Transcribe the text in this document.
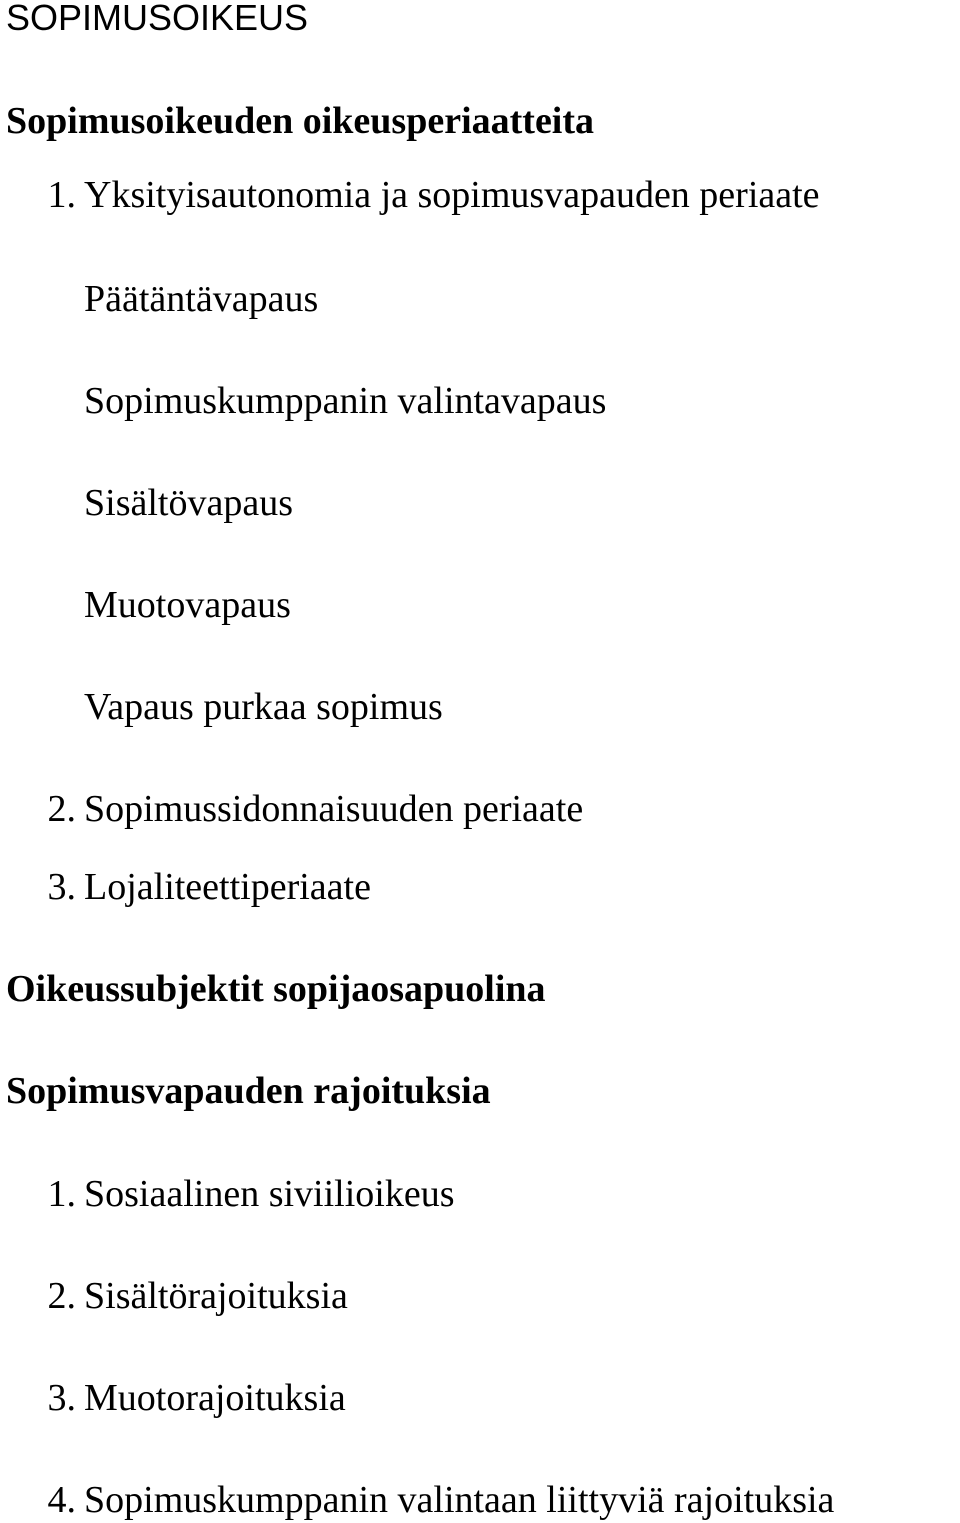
SOPIMUSOIKEUS
Sopimusoikeuden oikeusperiaatteita
1. Yksityisautonomia ja sopimusvapauden periaate
Päätäntävapaus
Sopimuskumppanin valintavapaus
Sisältövapaus
Muotovapaus
Vapaus purkaa sopimus
2. Sopimussidonnaisuuden periaate
3. Lojaliteettiperiaate
Oikeussubjektit sopijaosapuolina
Sopimusvapauden rajoituksia
1. Sosiaalinen siviilioikeus
2. Sisältörajoituksia
3. Muotorajoituksia
4. Sopimuskumppanin valintaan liittyviä rajoituksia
